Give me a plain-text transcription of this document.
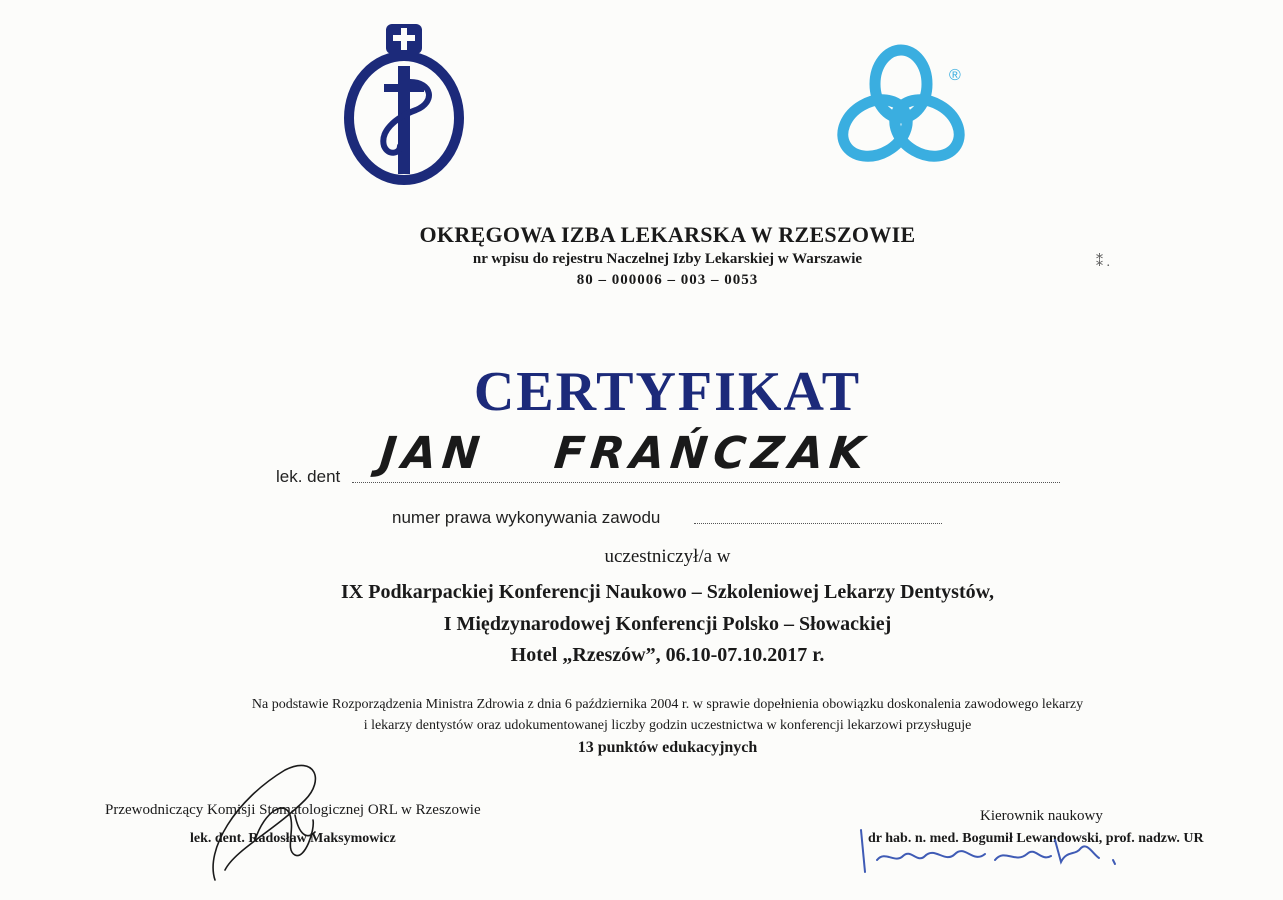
®
OKRĘGOWA IZBA LEKARSKA W RZESZOWIE
nr wpisu do rejestru Naczelnej Izby Lekarskiej w Warszawie
80 – 000006 – 003 – 0053
⁑ .
CERTYFIKAT
lek. dent JAN FRAŃCZAK
numer prawa wykonywania zawodu
uczestniczył/a w
IX Podkarpackiej Konferencji Naukowo – Szkoleniowej Lekarzy Dentystów,
I Międzynarodowej Konferencji Polsko – Słowackiej
Hotel „Rzeszów”, 06.10-07.10.2017 r.
Na podstawie Rozporządzenia Ministra Zdrowia z dnia 6 października 2004 r. w sprawie dopełnienia obowiązku doskonalenia zawodowego lekarzy
i lekarzy dentystów oraz udokumentowanej liczby godzin uczestnictwa w konferencji lekarzowi przysługuje
13 punktów edukacyjnych
Przewodniczący Komisji Stomatologicznej ORL w Rzeszowie
lek. dent. Radosław Maksymowicz
Kierownik naukowy
dr hab. n. med. Bogumił Lewandowski, prof. nadzw. UR
